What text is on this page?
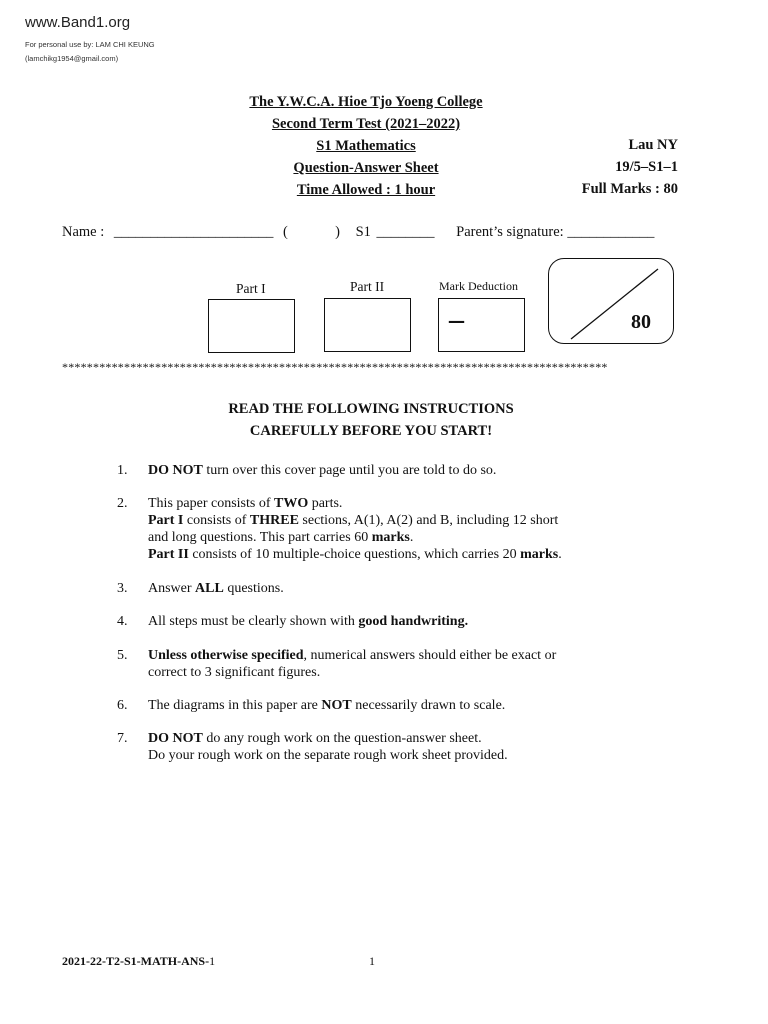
www.Band1.org
For personal use by: LAM CHI KEUNG
(lamchikg1954@gmail.com)
The Y.W.C.A. Hioe Tjo Yoeng College
Second Term Test (2021–2022)
S1 Mathematics
Question-Answer Sheet
Time Allowed : 1 hour
Lau NY
19/5–S1–1
Full Marks : 80
Name : ______________________ (	) S1 ________ Parent’s signature: ____________
Part I	Part II	Mark Deduction
–	80
****************************************************************************************
READ THE FOLLOWING INSTRUCTIONS
CAREFULLY BEFORE YOU START!
1.	DO NOT turn over this cover page until you are told to do so.
2.	This paper consists of TWO parts.
Part I consists of THREE sections, A(1), A(2) and B, including 12 short
and long questions. This part carries 60 marks.
Part II consists of 10 multiple-choice questions, which carries 20 marks.
3.	Answer ALL questions.
4.	All steps must be clearly shown with good handwriting.
5.	Unless otherwise specified, numerical answers should either be exact or
correct to 3 significant figures.
6.	The diagrams in this paper are NOT necessarily drawn to scale.
7.	DO NOT do any rough work on the question-answer sheet.
Do your rough work on the separate rough work sheet provided.
2021-22-T2-S1-MATH-ANS-1	1
